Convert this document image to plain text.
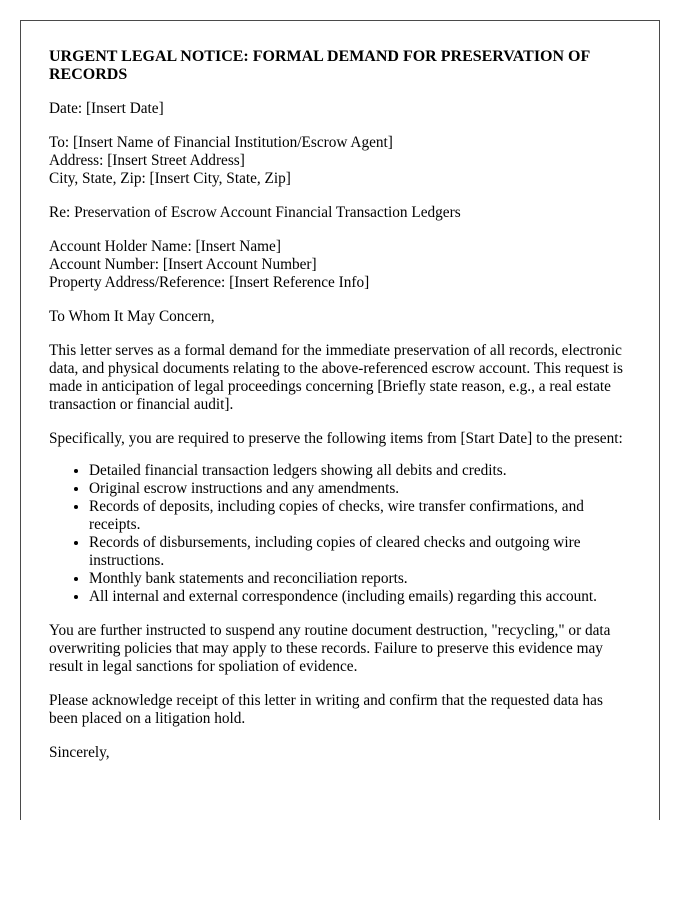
URGENT LEGAL NOTICE: FORMAL DEMAND FOR PRESERVATION OF RECORDS
Date: [Insert Date]
To: [Insert Name of Financial Institution/Escrow Agent]
Address: [Insert Street Address]
City, State, Zip: [Insert City, State, Zip]
Re: Preservation of Escrow Account Financial Transaction Ledgers
Account Holder Name: [Insert Name]
Account Number: [Insert Account Number]
Property Address/Reference: [Insert Reference Info]
To Whom It May Concern,
This letter serves as a formal demand for the immediate preservation of all records, electronic data, and physical documents relating to the above-referenced escrow account. This request is made in anticipation of legal proceedings concerning [Briefly state reason, e.g., a real estate transaction or financial audit].
Specifically, you are required to preserve the following items from [Start Date] to the present:
• Detailed financial transaction ledgers showing all debits and credits.
• Original escrow instructions and any amendments.
• Records of deposits, including copies of checks, wire transfer confirmations, and receipts.
• Records of disbursements, including copies of cleared checks and outgoing wire instructions.
• Monthly bank statements and reconciliation reports.
• All internal and external correspondence (including emails) regarding this account.
You are further instructed to suspend any routine document destruction, "recycling," or data overwriting policies that may apply to these records. Failure to preserve this evidence may result in legal sanctions for spoliation of evidence.
Please acknowledge receipt of this letter in writing and confirm that the requested data has been placed on a litigation hold.
Sincerely,
